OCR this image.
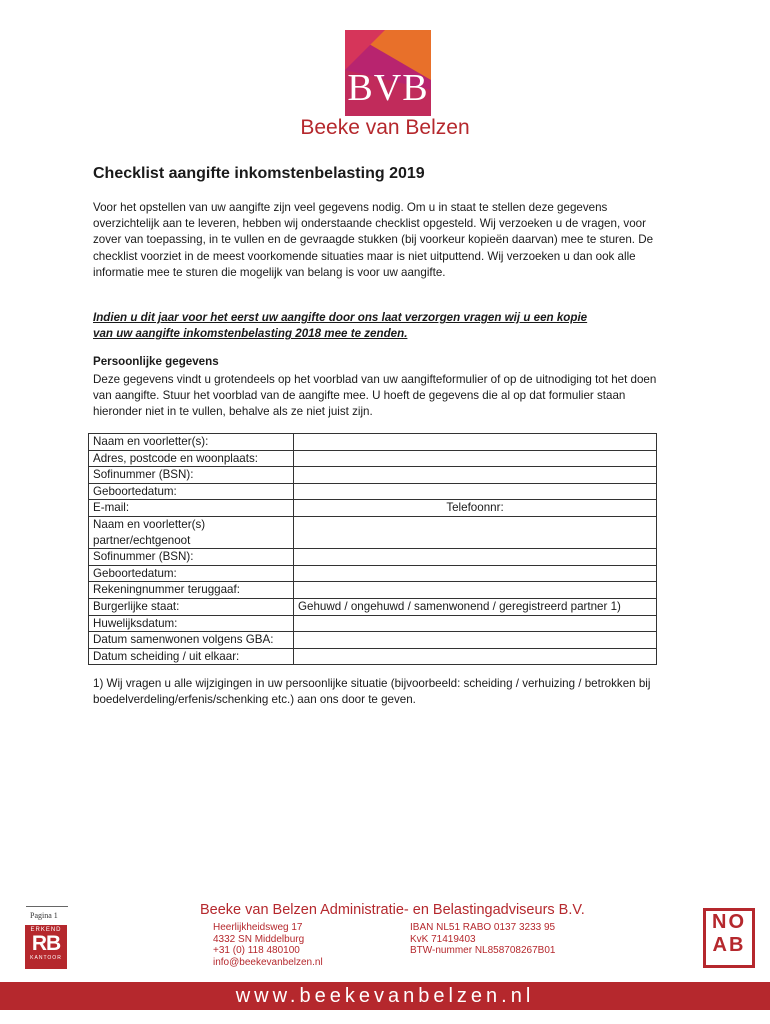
BVB
Beeke van Belzen
Checklist aangifte inkomstenbelasting 2019
Voor het opstellen van uw aangifte zijn veel gegevens nodig. Om u in staat te stellen deze gegevens overzichtelijk aan te leveren, hebben wij onderstaande checklist opgesteld. Wij verzoeken u de vragen, voor zover van toepassing, in te vullen en de gevraagde stukken (bij voorkeur kopieën daarvan) mee te sturen. De checklist voorziet in de meest voorkomende situaties maar is niet uitputtend. Wij verzoeken u dan ook alle informatie mee te sturen die mogelijk van belang is voor uw aangifte.
Indien u dit jaar voor het eerst uw aangifte door ons laat verzorgen vragen wij u een kopie
van uw aangifte inkomstenbelasting 2018 mee te zenden.
Persoonlijke gegevens
Deze gegevens vindt u grotendeels op het voorblad van uw aangifteformulier of op de uitnodiging tot het doen van aangifte. Stuur het voorblad van de aangifte mee. U hoeft de gegevens die al op dat formulier staan hieronder niet in te vullen, behalve als ze niet juist zijn.
Naam en voorletter(s):	
Adres, postcode en woonplaats:	
Sofinummer (BSN):	
Geboortedatum:	
E-mail:	Telefoonnr:
Naam en voorletter(s) partner/echtgenoot	
Sofinummer (BSN):	
Geboortedatum:	
Rekeningnummer teruggaaf:	
Burgerlijke staat:	Gehuwd / ongehuwd / samenwonend / geregistreerd partner 1)
Huwelijksdatum:	
Datum samenwonen volgens GBA:	
Datum scheiding / uit elkaar:	
1) Wij vragen u alle wijzigingen in uw persoonlijke situatie (bijvoorbeeld: scheiding / verhuizing / betrokken bij boedelverdeling/erfenis/schenking etc.) aan ons door te geven.
Pagina 1
ERKEND
RB
KANTOOR
Beeke van Belzen Administratie- en Belastingadviseurs B.V.
Heerlijkheidsweg 17
4332 SN Middelburg
+31 (0) 118 480100
info@beekevanbelzen.nl
IBAN NL51 RABO 0137 3233 95
KvK 71419403
BTW-nummer NL858708267B01
NO
AB
www.beekevanbelzen.nl
